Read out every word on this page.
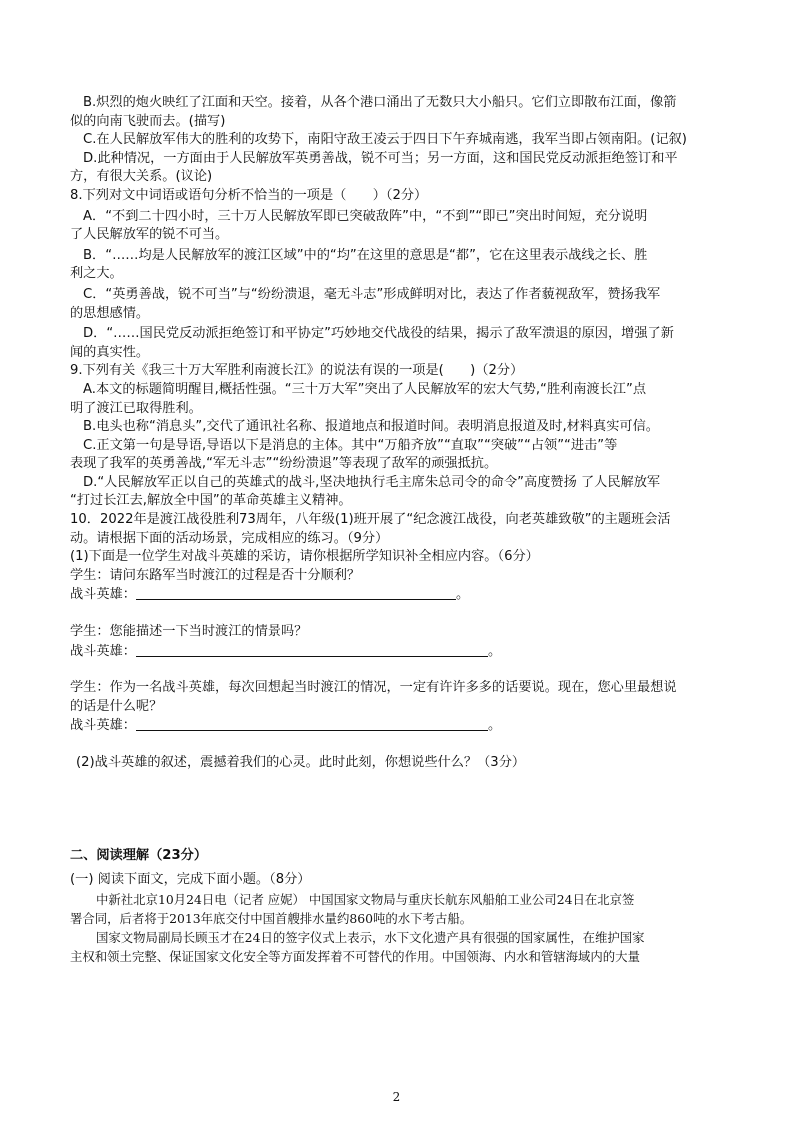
B.炽烈的炮火映红了江面和天空。接着，从各个港口涌出了无数只大小船只。它们立即散布江面，像箭

似的向南飞驶而去。(描写)

C.在人民解放军伟大的胜利的攻势下，南阳守敌王凌云于四日下午弃城南逃，我军当即占领南阳。(记叙)

D.此种情况，一方面由于人民解放军英勇善战，锐不可当；另一方面，这和国民党反动派拒绝签订和平

方，有很大关系。(议论)

8.下列对文中词语或语句分析不恰当的一项是（　　）（2分）

A．“不到二十四小时，三十万人民解放军即已突破敌阵”中，“不到”“即已”突出时间短，充分说明

了人民解放军的锐不可当。

B．“……均是人民解放军的渡江区域”中的“均”在这里的意思是“都”，它在这里表示战线之长、胜

利之大。

C．“英勇善战，锐不可当”与“纷纷溃退，毫无斗志”形成鲜明对比，表达了作者藐视敌军，赞扬我军

的思想感情。

D．“……国民党反动派拒绝签订和平协定”巧妙地交代战役的结果，揭示了敌军溃退的原因，增强了新

闻的真实性。

9.下列有关《我三十万大军胜利南渡长江》的说法有误的一项是(　　)（2分）

A.本文的标题简明醒目,概括性强。“三十万大军”突出了人民解放军的宏大气势,“胜利南渡长江”点

明了渡江已取得胜利。

B.电头也称“消息头”,交代了通讯社名称、报道地点和报道时间。表明消息报道及时,材料真实可信。

C.正文第一句是导语,导语以下是消息的主体。其中“万船齐放”“直取”“突破”“占领”“进击”等

表现了我军的英勇善战,“军无斗志”“纷纷溃退”等表现了敌军的顽强抵抗。

D.“人民解放军正以自己的英雄式的战斗,坚决地执行毛主席朱总司令的命令”高度赞扬 了人民解放军

“打过长江去,解放全中国”的革命英雄主义精神。

10．2022年是渡江战役胜利73周年，八年级(1)班开展了“纪念渡江战役，向老英雄致敬”的主题班会活

动。请根据下面的活动场景，完成相应的练习。（9分）

(1)下面是一位学生对战斗英雄的采访，请你根据所学知识补全相应内容。（6分）

学生：请问东路军当时渡江的过程是否十分顺利？

战斗英雄：	。

学生：您能描述一下当时渡江的情景吗？

战斗英雄：	。

学生：作为一名战斗英雄，每次回想起当时渡江的情况，一定有许许多多的话要说。现在，您心里最想说

的话是什么呢？

战斗英雄：	。

(2)战斗英雄的叙述，震撼着我们的心灵。此时此刻，你想说些什么？（3分）

二、阅读理解（23分）

(一) 阅读下面文，完成下面小题。（8分）

中新社北京10月24日电（记者 应妮） 中国国家文物局与重庆长航东风船舶工业公司24日在北京签

署合同，后者将于2013年底交付中国首艘排水量约860吨的水下考古船。

国家文物局副局长顾玉才在24日的签字仪式上表示，水下文化遗产具有很强的国家属性，在维护国家

主权和领土完整、保证国家文化安全等方面发挥着不可替代的作用。中国领海、内水和管辖海域内的大量

2
